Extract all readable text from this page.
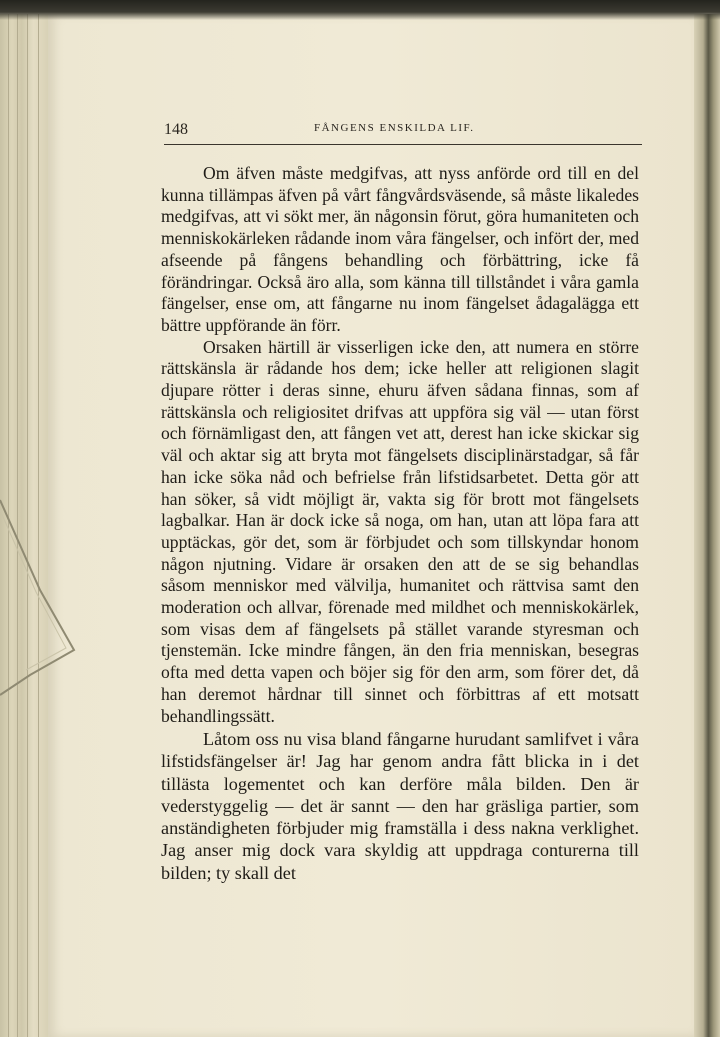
148	FÅNGENS ENSKILDA LIF.

Om äfven måste medgifvas, att nyss anförde ord till en del kunna tillämpas äfven på vårt fångvårdsväsende, så måste likaledes medgifvas, att vi sökt mer, än någonsin förut, göra humaniteten och menniskokärleken rådande inom våra fängelser, och infört der, med afseende på fångens behandling och förbättring, icke få förändringar. Också äro alla, som känna till tillståndet i våra gamla fängelser, ense om, att fångarne nu inom fängelset ådagalägga ett bättre uppförande än förr.

Orsaken härtill är visserligen icke den, att numera en större rättskänsla är rådande hos dem; icke heller att religionen slagit djupare rötter i deras sinne, ehuru äfven sådana finnas, som af rättskänsla och religiositet drifvas att uppföra sig väl — utan först och förnämligast den, att fången vet att, derest han icke skickar sig väl och aktar sig att bryta mot fängelsets disciplinärstadgar, så får han icke söka nåd och befrielse från lifstidsarbetet. Detta gör att han söker, så vidt möjligt är, vakta sig för brott mot fängelsets lagbalkar. Han är dock icke så noga, om han, utan att löpa fara att upptäckas, gör det, som är förbjudet och som tillskyndar honom någon njutning. Vidare är orsaken den att de se sig behandlas såsom menniskor med välvilja, humanitet och rättvisa samt den moderation och allvar, förenade med mildhet och menniskokärlek, som visas dem af fängelsets på stället varande styresman och tjenstemän. Icke mindre fången, än den fria menniskan, besegras ofta med detta vapen och böjer sig för den arm, som förer det, då han deremot hårdnar till sinnet och förbittras af ett motsatt behandlingssätt.

Låtom oss nu visa bland fångarne hurudant samlifvet i våra lifstidsfängelser är! Jag har genom andra fått blicka in i det tillästa logementet och kan derföre måla bilden. Den är vederstyggelig — det är sannt — den har gräsliga partier, som anständigheten förbjuder mig framställa i dess nakna verklighet. Jag anser mig dock vara skyldig att uppdraga conturerna till bilden; ty skall det
